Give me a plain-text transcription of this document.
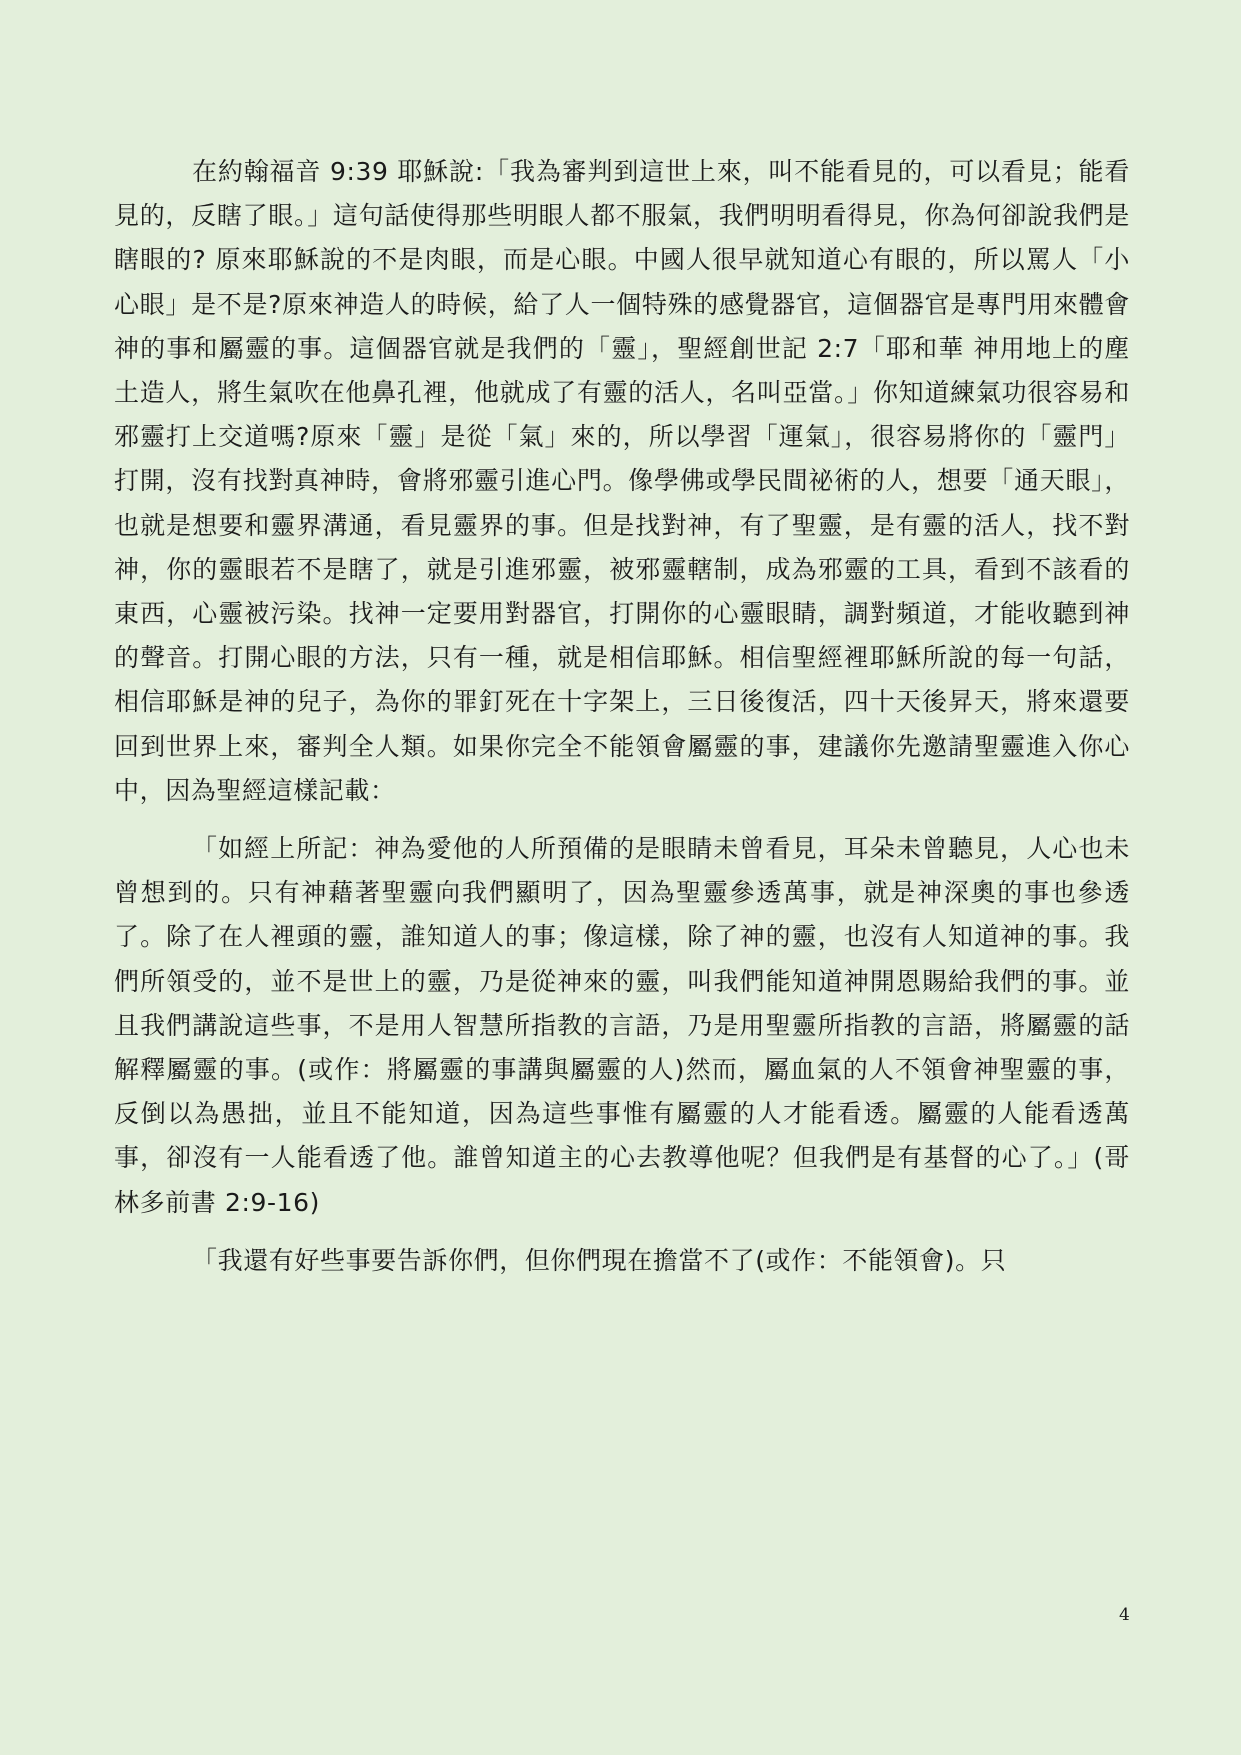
在約翰福音 9:39 耶穌說:「我為審判到這世上來，叫不能看見的，可以看見；能看見的，反瞎了眼。」這句話使得那些明眼人都不服氣，我們明明看得見，你為何卻說我們是瞎眼的? 原來耶穌說的不是肉眼，而是心眼。中國人很早就知道心有眼的，所以罵人「小心眼」是不是?原來神造人的時候，給了人一個特殊的感覺器官，這個器官是專門用來體會神的事和屬靈的事。這個器官就是我們的「靈」，聖經創世記 2:7「耶和華 神用地上的塵土造人，將生氣吹在他鼻孔裡，他就成了有靈的活人，名叫亞當。」你知道練氣功很容易和邪靈打上交道嗎?原來「靈」是從「氣」來的，所以學習「運氣」，很容易將你的「靈門」打開，沒有找對真神時，會將邪靈引進心門。像學佛或學民間祕術的人，想要「通天眼」，也就是想要和靈界溝通，看見靈界的事。但是找對神，有了聖靈，是有靈的活人，找不對神，你的靈眼若不是瞎了，就是引進邪靈，被邪靈轄制，成為邪靈的工具，看到不該看的東西，心靈被污染。找神一定要用對器官，打開你的心靈眼睛，調對頻道，才能收聽到神的聲音。打開心眼的方法，只有一種，就是相信耶穌。相信聖經裡耶穌所說的每一句話，相信耶穌是神的兒子，為你的罪釘死在十字架上，三日後復活，四十天後昇天，將來還要回到世界上來，審判全人類。如果你完全不能領會屬靈的事，建議你先邀請聖靈進入你心中，因為聖經這樣記載：

「如經上所記：神為愛他的人所預備的是眼睛未曾看見，耳朵未曾聽見，人心也未曾想到的。只有神藉著聖靈向我們顯明了，因為聖靈參透萬事，就是神深奧的事也參透了。除了在人裡頭的靈，誰知道人的事；像這樣，除了神的靈，也沒有人知道神的事。我們所領受的，並不是世上的靈，乃是從神來的靈，叫我們能知道神開恩賜給我們的事。並且我們講說這些事，不是用人智慧所指教的言語，乃是用聖靈所指教的言語，將屬靈的話解釋屬靈的事。(或作：將屬靈的事講與屬靈的人)然而，屬血氣的人不領會神聖靈的事，反倒以為愚拙，並且不能知道，因為這些事惟有屬靈的人才能看透。屬靈的人能看透萬事，卻沒有一人能看透了他。誰曾知道主的心去教導他呢？但我們是有基督的心了。」(哥林多前書 2:9-16)

「我還有好些事要告訴你們，但你們現在擔當不了(或作：不能領會)。只

4
